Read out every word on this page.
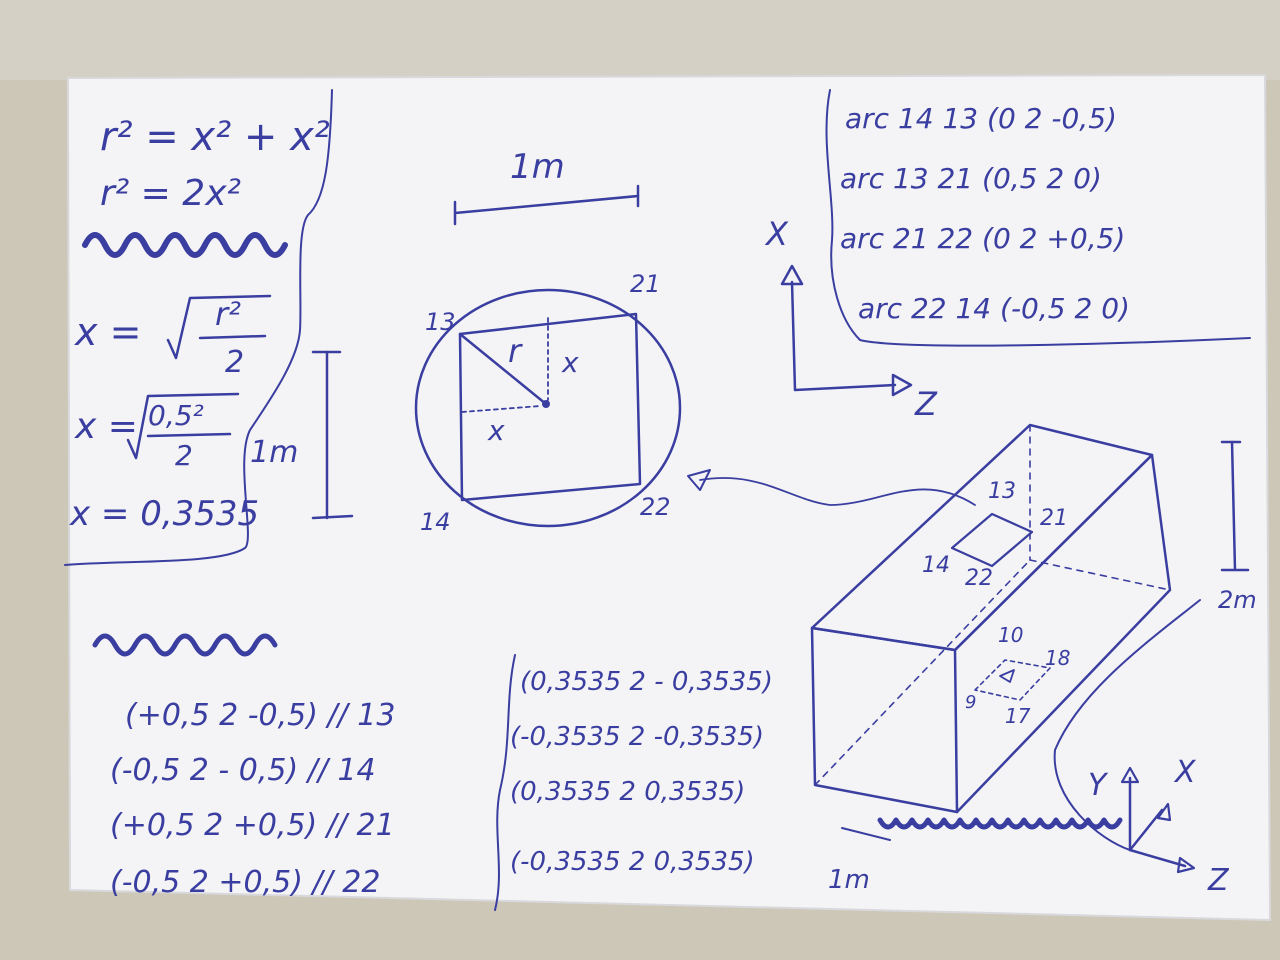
r² = x² + x²
r² = 2x²
x = r²
2
x = 0,5²
2
x = 0,3535
1m
1m
13
21
14
22
r x
x
X
Z
arc 14 13 (0 2 -0,5)
arc 13 21 (0,5 2 0)
arc 21 22 (0 2 +0,5)
arc 22 14 (-0,5 2 0)
13
21
14
22
10
18
9
17
2m
1m
Y X
Z
(+0,5 2 -0,5) // 13
(-0,5 2 - 0,5) // 14
(+0,5 2 +0,5) // 21
(-0,5 2 +0,5) // 22
(0,3535 2 - 0,3535)
(-0,3535 2 -0,3535)
(0,3535 2 0,3535)
(-0,3535 2 0,3535)
